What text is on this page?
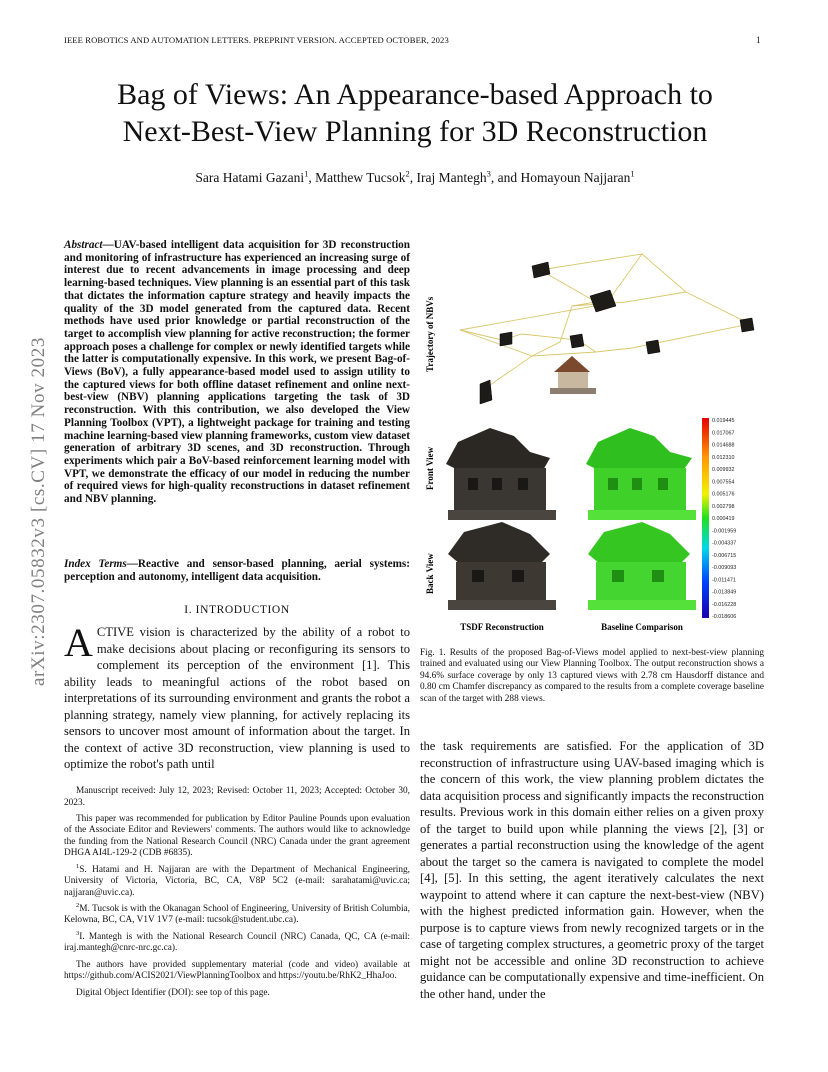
IEEE ROBOTICS AND AUTOMATION LETTERS. PREPRINT VERSION. ACCEPTED OCTOBER, 2023	1
arXiv:2307.05832v3 [cs.CV] 17 Nov 2023
Bag of Views: An Appearance-based Approach to
Next-Best-View Planning for 3D Reconstruction
Sara Hatami Gazani$^1$, Matthew Tucsok$^2$, Iraj Mantegh$^3$, and Homayoun Najjaran$^1$
Abstract—UAV-based intelligent data acquisition for 3D reconstruction and monitoring of infrastructure has experienced an increasing surge of interest due to recent advancements in image processing and deep learning-based techniques. View planning is an essential part of this task that dictates the information capture strategy and heavily impacts the quality of the 3D model generated from the captured data. Recent methods have used prior knowledge or partial reconstruction of the target to accomplish view planning for active reconstruction; the former approach poses a challenge for complex or newly identified targets while the latter is computationally expensive. In this work, we present Bag-of-Views (BoV), a fully appearance-based model used to assign utility to the captured views for both offline dataset refinement and online next-best-view (NBV) planning applications targeting the task of 3D reconstruction. With this contribution, we also developed the View Planning Toolbox (VPT), a lightweight package for training and testing machine learning-based view planning frameworks, custom view dataset generation of arbitrary 3D scenes, and 3D reconstruction. Through experiments which pair a BoV-based reinforcement learning model with VPT, we demonstrate the efficacy of our model in reducing the number of required views for high-quality reconstructions in dataset refinement and NBV planning.
Index Terms—Reactive and sensor-based planning, aerial systems: perception and autonomy, intelligent data acquisition.
I. INTRODUCTION
ACTIVE vision is characterized by the ability of a robot to make decisions about placing or reconfiguring its sensors to complement its perception of the environment [1]. This ability leads to meaningful actions of the robot based on interpretations of its surrounding environment and grants the robot a planning strategy, namely view planning, for actively replacing its sensors to uncover most amount of information about the target. In the context of active 3D reconstruction, view planning is used to optimize the robot's path until

Manuscript received: July 12, 2023; Revised: October 11, 2023; Accepted: October 30, 2023.

This paper was recommended for publication by Editor Pauline Pounds upon evaluation of the Associate Editor and Reviewers' comments. The authors would like to acknowledge the funding from the National Research Council (NRC) Canada under the grant agreement DHGA AI4L-129-2 (CDB #6835).

$^1$S. Hatami and H. Najjaran are with the Department of Mechanical Engineering, University of Victoria, Victoria, BC, CA, V8P 5C2 (e-mail: sarahatami@uvic.ca; najjaran@uvic.ca).

$^2$M. Tucsok is with the Okanagan School of Engineering, University of British Columbia, Kelowna, BC, CA, V1V 1V7 (e-mail: tucsok@student.ubc.ca).

$^3$I. Mantegh is with the National Research Council (NRC) Canada, QC, CA (e-mail: iraj.mantegh@cnrc-nrc.gc.ca).

The authors have provided supplementary material (code and video) available at https://github.com/ACIS2021/ViewPlanningToolbox and https://youtu.be/RhK2_HhaJoo.

Digital Object Identifier (DOI): see top of this page.

Trajectory of NBVs
Front View
Back View
0.019445
0.017067
0.014688
0.012310
0.009932
0.007554
0.005176
0.002798
0.000419
-0.001959
-0.004337
-0.006715
-0.009093
-0.011471
-0.013849
-0.016228
-0.018606
TSDF Reconstruction	Baseline Comparison
Fig. 1. Results of the proposed Bag-of-Views model applied to next-best-view planning trained and evaluated using our View Planning Toolbox. The output reconstruction shows a 94.6% surface coverage by only 13 captured views with 2.78 cm Hausdorff distance and 0.80 cm Chamfer discrepancy as compared to the results from a complete coverage baseline scan of the target with 288 views.
the task requirements are satisfied. For the application of 3D reconstruction of infrastructure using UAV-based imaging which is the concern of this work, the view planning problem dictates the data acquisition process and significantly impacts the reconstruction results. Previous work in this domain either relies on a given proxy of the target to build upon while planning the views [2], [3] or generates a partial reconstruction using the knowledge of the agent about the target so the camera is navigated to complete the model [4], [5]. In this setting, the agent iteratively calculates the next waypoint to attend where it can capture the next-best-view (NBV) with the highest predicted information gain. However, when the purpose is to capture views from newly recognized targets or in the case of targeting complex structures, a geometric proxy of the target might not be accessible and online 3D reconstruction to achieve guidance can be computationally expensive and time-inefficient. On the other hand, under the
